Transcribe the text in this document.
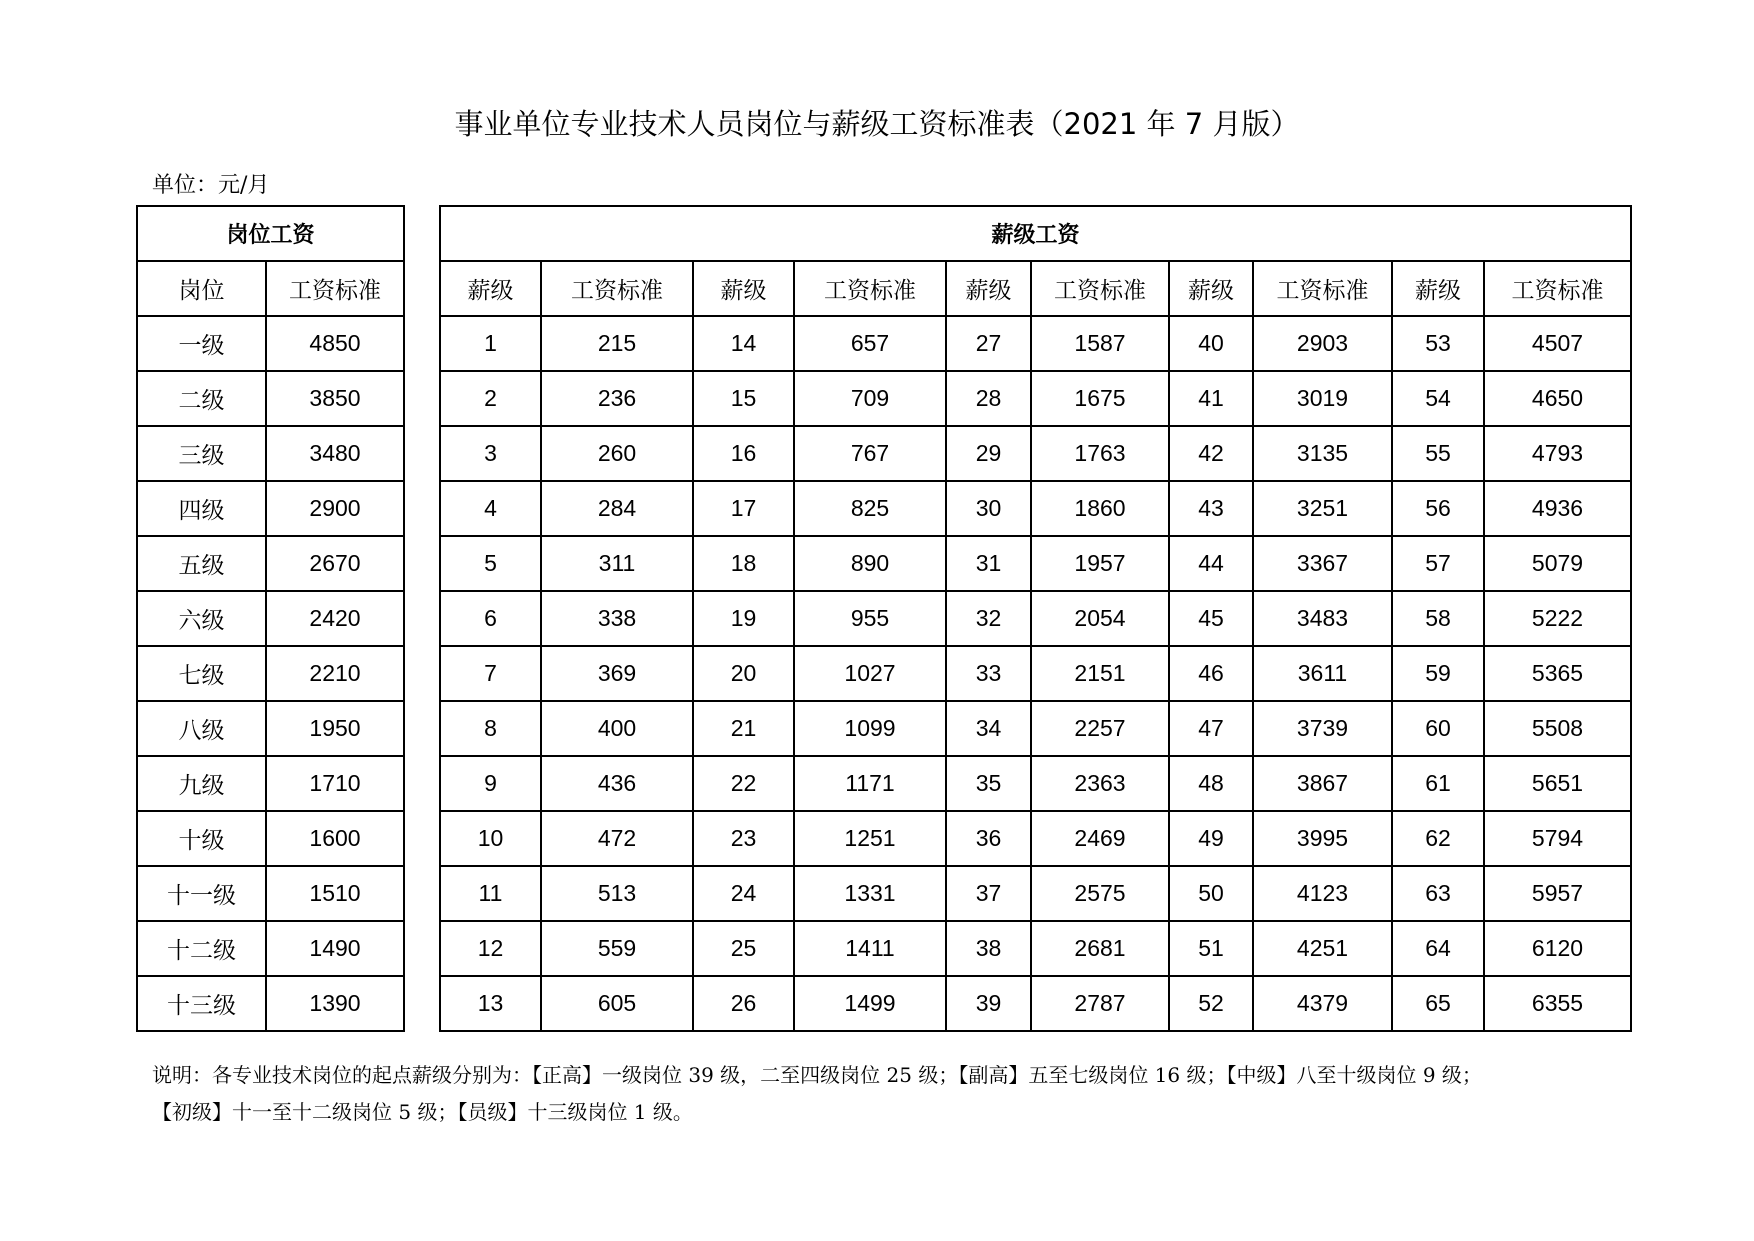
事业单位专业技术人员岗位与薪级工资标准表（2021 年 7 月版）
单位：元/月
岗位工资	
岗位	工资标准
一级	4850
二级	3850
三级	3480
四级	2900
五级	2670
六级	2420
七级	2210
八级	1950
九级	1710
十级	1600
十一级	1510
十二级	1490
十三级	1390
薪级工资									
薪级	工资标准	薪级	工资标准	薪级	工资标准	薪级	工资标准	薪级	工资标准
1	215	14	657	27	1587	40	2903	53	4507
2	236	15	709	28	1675	41	3019	54	4650
3	260	16	767	29	1763	42	3135	55	4793
4	284	17	825	30	1860	43	3251	56	4936
5	311	18	890	31	1957	44	3367	57	5079
6	338	19	955	32	2054	45	3483	58	5222
7	369	20	1027	33	2151	46	3611	59	5365
8	400	21	1099	34	2257	47	3739	60	5508
9	436	22	1171	35	2363	48	3867	61	5651
10	472	23	1251	36	2469	49	3995	62	5794
11	513	24	1331	37	2575	50	4123	63	5957
12	559	25	1411	38	2681	51	4251	64	6120
13	605	26	1499	39	2787	52	4379	65	6355
说明：各专业技术岗位的起点薪级分别为：【正高】一级岗位 39 级，二至四级岗位 25 级；【副高】五至七级岗位 16 级；【中级】八至十级岗位 9 级；
【初级】十一至十二级岗位 5 级；【员级】十三级岗位 1 级。
